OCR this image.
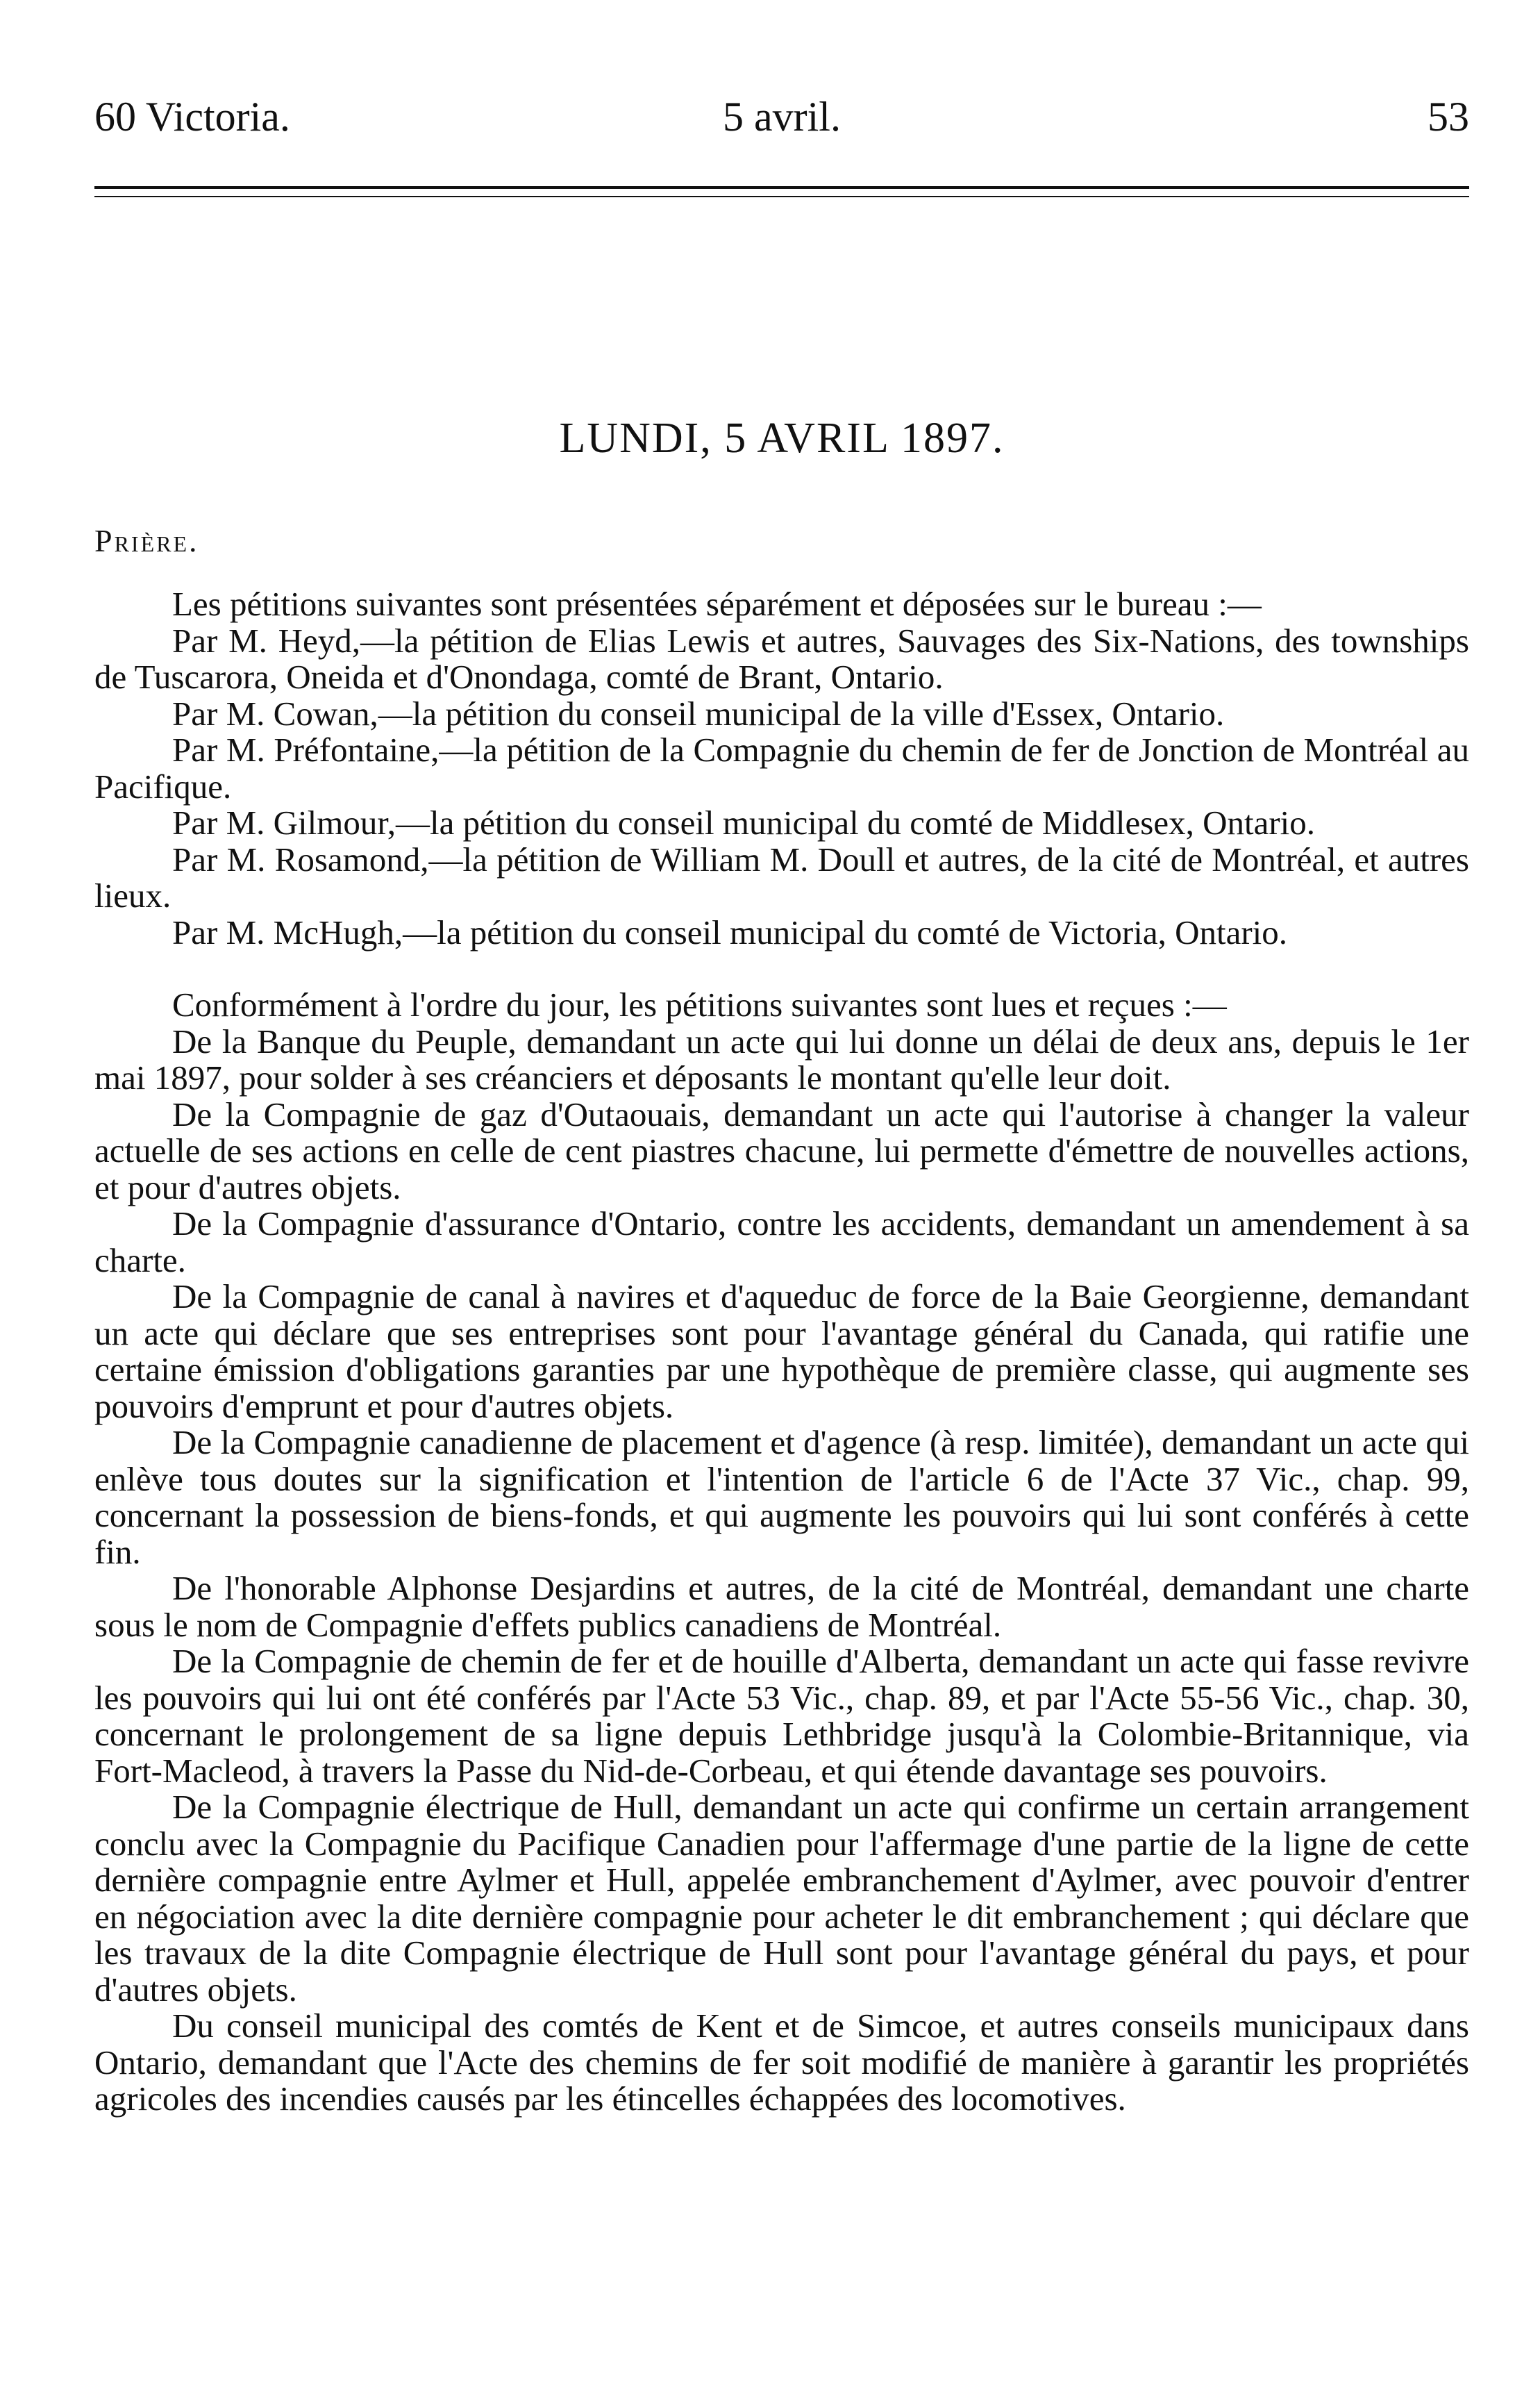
60 Victoria.	5 avril.	53
LUNDI, 5 AVRIL 1897.
Prière.

Les pétitions suivantes sont présentées séparément et déposées sur le bureau :—

Par M. Heyd,—la pétition de Elias Lewis et autres, Sauvages des Six-Nations, des townships de Tuscarora, Oneida et d'Onondaga, comté de Brant, Ontario.

Par M. Cowan,—la pétition du conseil municipal de la ville d'Essex, Ontario.

Par M. Préfontaine,—la pétition de la Compagnie du chemin de fer de Jonction de Montréal au Pacifique.

Par M. Gilmour,—la pétition du conseil municipal du comté de Middlesex, Ontario.

Par M. Rosamond,—la pétition de William M. Doull et autres, de la cité de Montréal, et autres lieux.

Par M. McHugh,—la pétition du conseil municipal du comté de Victoria, Ontario.

Conformément à l'ordre du jour, les pétitions suivantes sont lues et reçues :—

De la Banque du Peuple, demandant un acte qui lui donne un délai de deux ans, depuis le 1er mai 1897, pour solder à ses créanciers et déposants le montant qu'elle leur doit.

De la Compagnie de gaz d'Outaouais, demandant un acte qui l'autorise à changer la valeur actuelle de ses actions en celle de cent piastres chacune, lui permette d'émettre de nouvelles actions, et pour d'autres objets.

De la Compagnie d'assurance d'Ontario, contre les accidents, demandant un amendement à sa charte.

De la Compagnie de canal à navires et d'aqueduc de force de la Baie Georgienne, demandant un acte qui déclare que ses entreprises sont pour l'avantage général du Canada, qui ratifie une certaine émission d'obligations garanties par une hypothèque de première classe, qui augmente ses pouvoirs d'emprunt et pour d'autres objets.

De la Compagnie canadienne de placement et d'agence (à resp. limitée), demandant un acte qui enlève tous doutes sur la signification et l'intention de l'article 6 de l'Acte 37 Vic., chap. 99, concernant la possession de biens-fonds, et qui augmente les pouvoirs qui lui sont conférés à cette fin.

De l'honorable Alphonse Desjardins et autres, de la cité de Montréal, demandant une charte sous le nom de Compagnie d'effets publics canadiens de Montréal.

De la Compagnie de chemin de fer et de houille d'Alberta, demandant un acte qui fasse revivre les pouvoirs qui lui ont été conférés par l'Acte 53 Vic., chap. 89, et par l'Acte 55-56 Vic., chap. 30, concernant le prolongement de sa ligne depuis Lethbridge jusqu'à la Colombie-Britannique, via Fort-Macleod, à travers la Passe du Nid-de-Corbeau, et qui étende davantage ses pouvoirs.

De la Compagnie électrique de Hull, demandant un acte qui confirme un certain arrangement conclu avec la Compagnie du Pacifique Canadien pour l'affermage d'une partie de la ligne de cette dernière compagnie entre Aylmer et Hull, appelée embranchement d'Aylmer, avec pouvoir d'entrer en négociation avec la dite dernière compagnie pour acheter le dit embranchement ; qui déclare que les travaux de la dite Compagnie électrique de Hull sont pour l'avantage général du pays, et pour d'autres objets.

Du conseil municipal des comtés de Kent et de Simcoe, et autres conseils municipaux dans Ontario, demandant que l'Acte des chemins de fer soit modifié de manière à garantir les propriétés agricoles des incendies causés par les étincelles échappées des locomotives.
